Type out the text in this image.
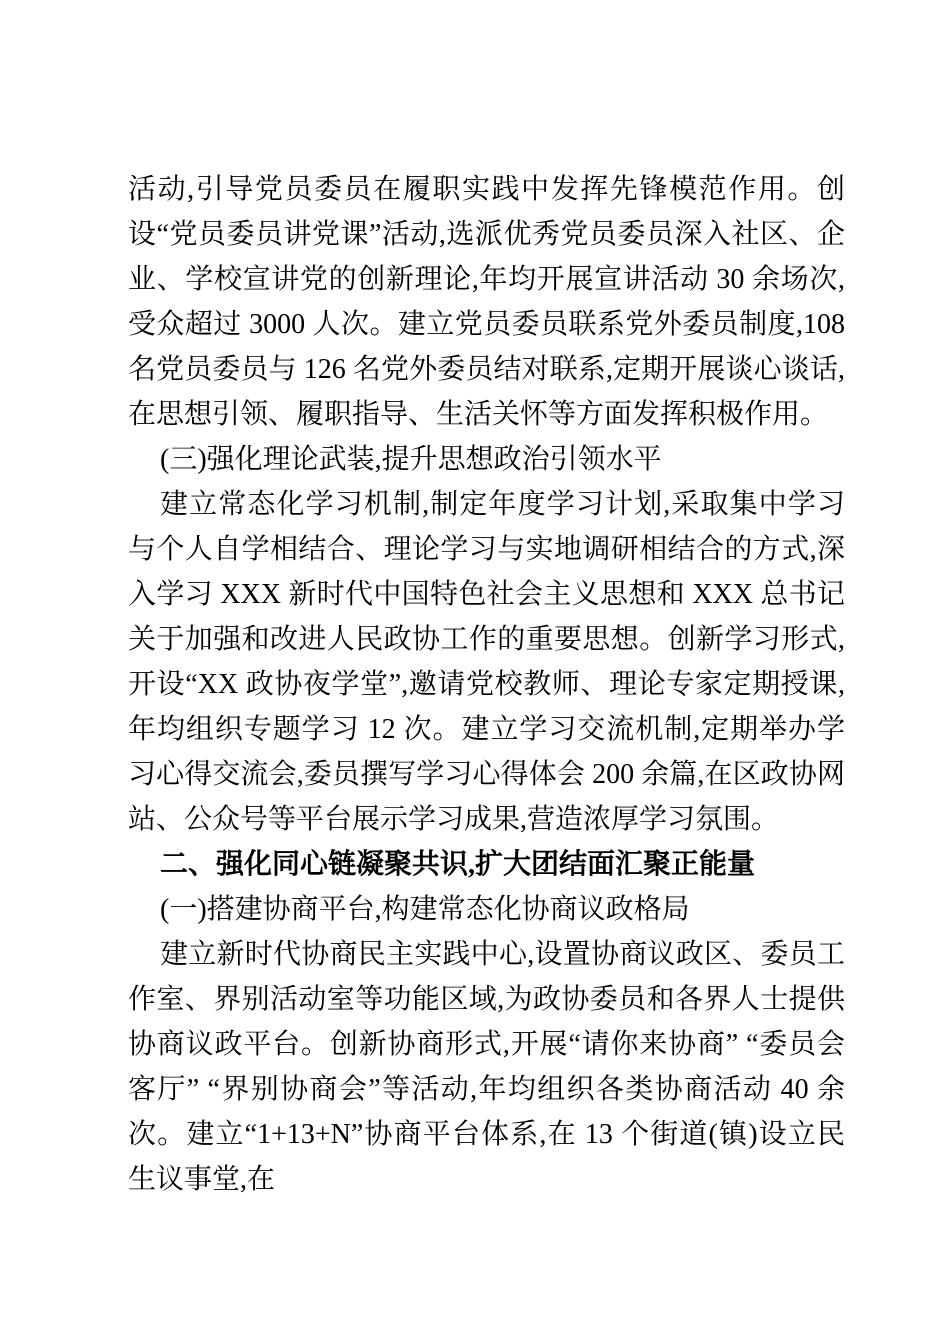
活动,引导党员委员在履职实践中发挥先锋模范作用。创设“党员委员讲党课”活动,选派优秀党员委员深入社区、企业、学校宣讲党的创新理论,年均开展宣讲活动 30 余场次,受众超过 3000 人次。建立党员委员联系党外委员制度,108 名党员委员与 126 名党外委员结对联系,定期开展谈心谈话,在思想引领、履职指导、生活关怀等方面发挥积极作用。

(三)强化理论武装,提升思想政治引领水平

建立常态化学习机制,制定年度学习计划,采取集中学习与个人自学相结合、理论学习与实地调研相结合的方式,深入学习 XXX 新时代中国特色社会主义思想和 XXX 总书记关于加强和改进人民政协工作的重要思想。创新学习形式,开设“XX 政协夜学堂”,邀请党校教师、理论专家定期授课,年均组织专题学习 12 次。建立学习交流机制,定期举办学习心得交流会,委员撰写学习心得体会 200 余篇,在区政协网站、公众号等平台展示学习成果,营造浓厚学习氛围。

二、强化同心链凝聚共识,扩大团结面汇聚正能量

(一)搭建协商平台,构建常态化协商议政格局

建立新时代协商民主实践中心,设置协商议政区、委员工作室、界别活动室等功能区域,为政协委员和各界人士提供协商议政平台。创新协商形式,开展“请你来协商” “委员会客厅” “界别协商会”等活动,年均组织各类协商活动 40 余次。建立“1+13+N”协商平台体系,在 13 个街道(镇)设立民生议事堂,在
